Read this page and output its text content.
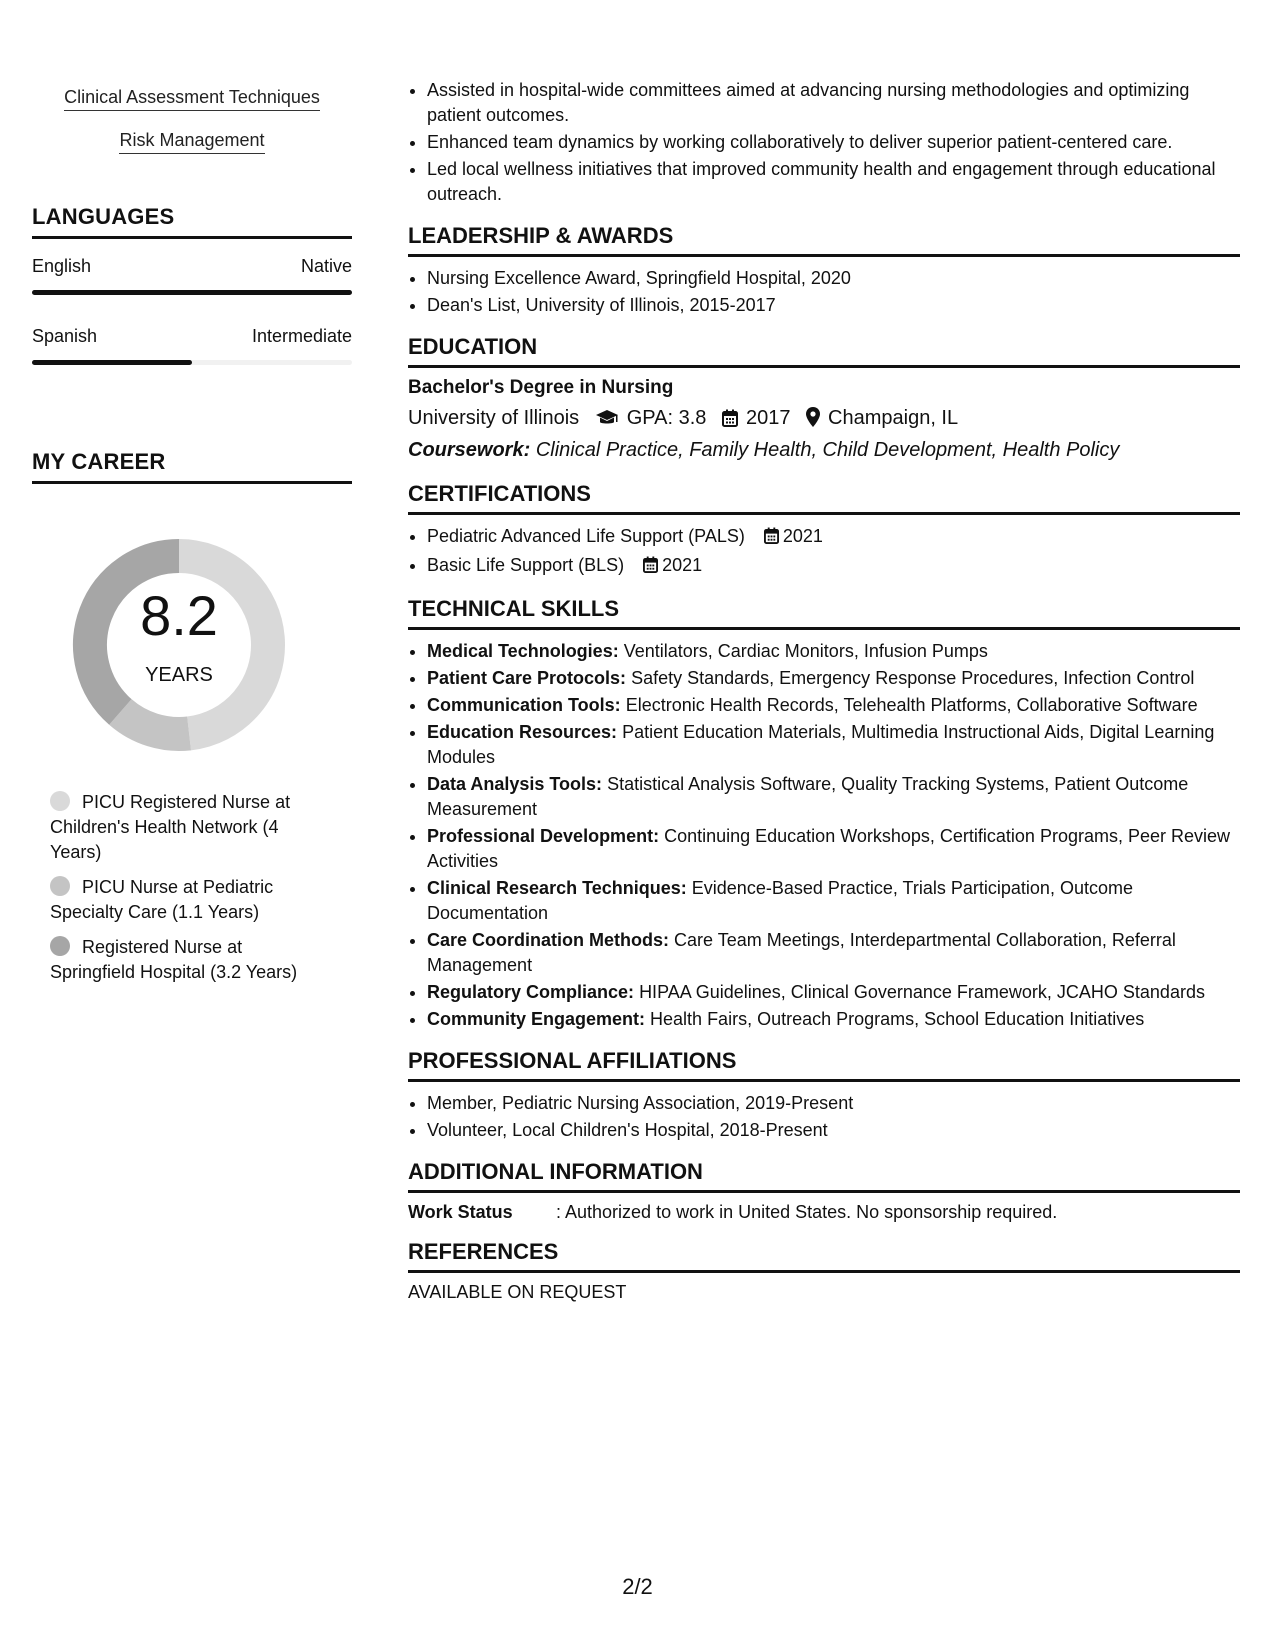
Clinical Assessment Techniques
Risk Management
LANGUAGES
English	Native
Spanish	Intermediate
MY CAREER
8.2
YEARS
PICU Registered Nurse at Children's Health Network (4 Years)
PICU Nurse at Pediatric Specialty Care (1.1 Years)
Registered Nurse at Springfield Hospital (3.2 Years)
• Assisted in hospital-wide committees aimed at advancing nursing methodologies and optimizing patient outcomes.
• Enhanced team dynamics by working collaboratively to deliver superior patient-centered care.
• Led local wellness initiatives that improved community health and engagement through educational outreach.
LEADERSHIP & AWARDS
• Nursing Excellence Award, Springfield Hospital, 2020
• Dean's List, University of Illinois, 2015-2017
EDUCATION
Bachelor's Degree in Nursing
University of Illinois GPA: 3.8 2017 Champaign, IL
Coursework: Clinical Practice, Family Health, Child Development, Health Policy
CERTIFICATIONS
• Pediatric Advanced Life Support (PALS) 2021
• Basic Life Support (BLS) 2021
TECHNICAL SKILLS
• Medical Technologies: Ventilators, Cardiac Monitors, Infusion Pumps
• Patient Care Protocols: Safety Standards, Emergency Response Procedures, Infection Control
• Communication Tools: Electronic Health Records, Telehealth Platforms, Collaborative Software
• Education Resources: Patient Education Materials, Multimedia Instructional Aids, Digital Learning Modules
• Data Analysis Tools: Statistical Analysis Software, Quality Tracking Systems, Patient Outcome Measurement
• Professional Development: Continuing Education Workshops, Certification Programs, Peer Review Activities
• Clinical Research Techniques: Evidence-Based Practice, Trials Participation, Outcome Documentation
• Care Coordination Methods: Care Team Meetings, Interdepartmental Collaboration, Referral Management
• Regulatory Compliance: HIPAA Guidelines, Clinical Governance Framework, JCAHO Standards
• Community Engagement: Health Fairs, Outreach Programs, School Education Initiatives
PROFESSIONAL AFFILIATIONS
• Member, Pediatric Nursing Association, 2019-Present
• Volunteer, Local Children's Hospital, 2018-Present
ADDITIONAL INFORMATION
Work Status : Authorized to work in United States. No sponsorship required.
REFERENCES
AVAILABLE ON REQUEST
2/2
